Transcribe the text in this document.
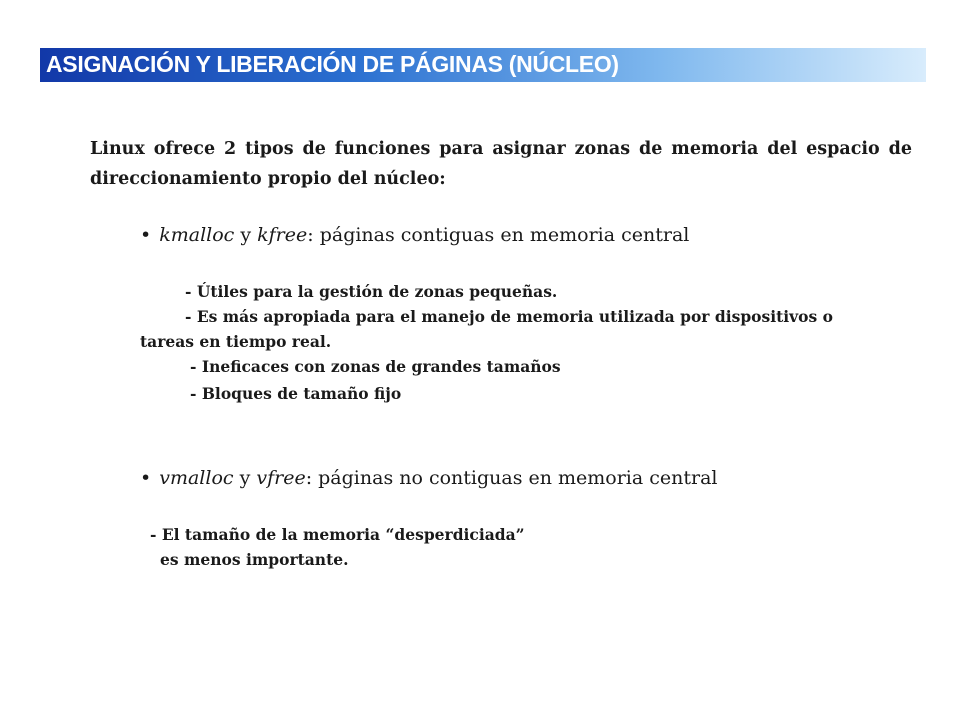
ASIGNACIÓN Y LIBERACIÓN DE PÁGINAS (NÚCLEO)

Linux ofrece 2 tipos de funciones para asignar zonas de memoria del espacio de direccionamiento propio del núcleo:

• kmalloc y kfree: páginas contiguas en memoria central
- Útiles para la gestión de zonas pequeñas.
- Es más apropiada para el manejo de memoria utilizada por dispositivos o
tareas en tiempo real.
- Ineficaces con zonas de grandes tamaños
- Bloques de tamaño fijo
• vmalloc y vfree: páginas no contiguas en memoria central
- El tamaño de la memoria “desperdiciada”
es menos importante.
